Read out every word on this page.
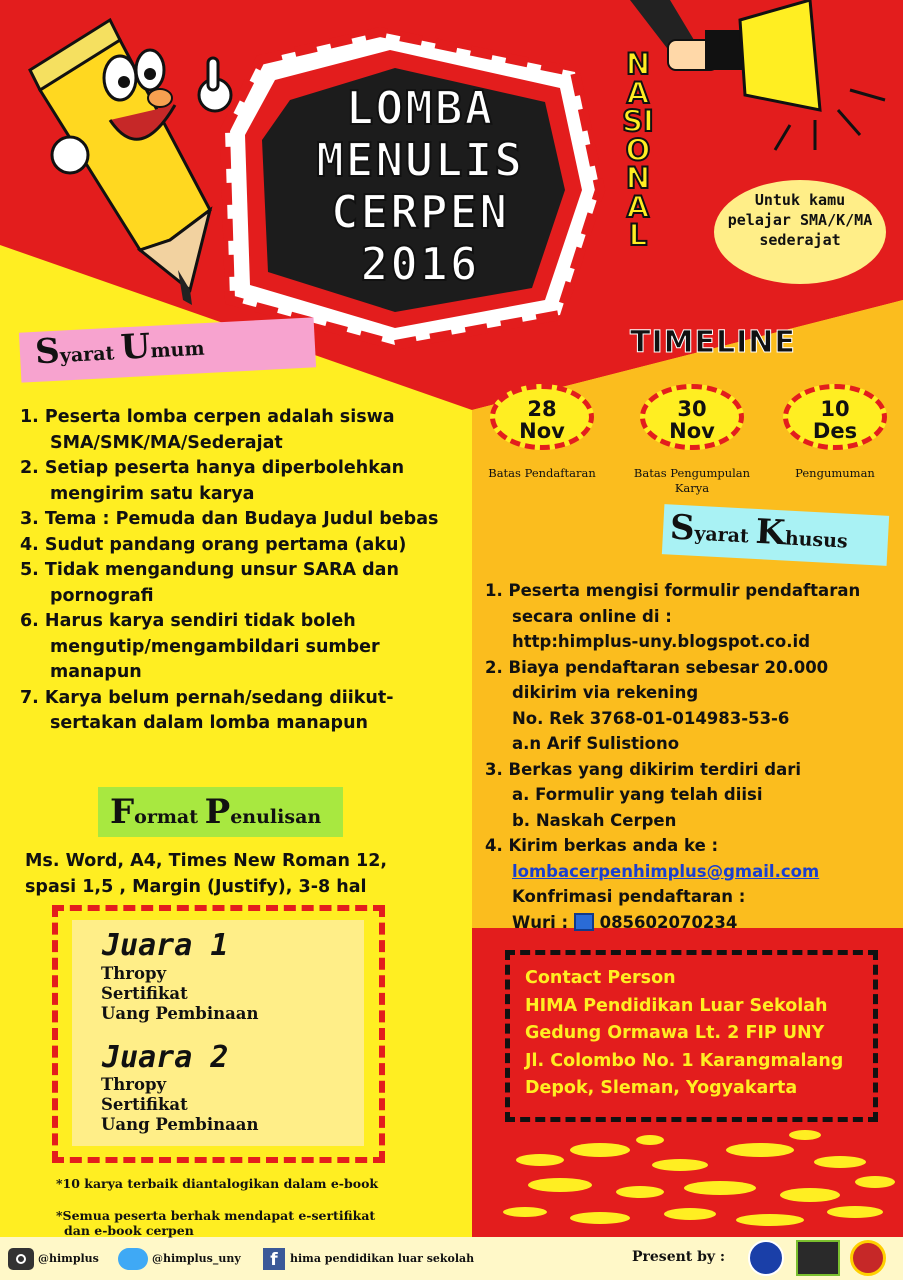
LOMBA
MENULIS
CERPEN
2016
NASIONAL
Untuk kamu
pelajar SMA/K/MA
sederajat
Syarat Umum
1. Peserta lomba cerpen adalah siswa SMA/SMK/MA/Sederajat
2. Setiap peserta hanya diperbolehkan mengirim satu karya
3. Tema : Pemuda dan Budaya Judul bebas
4. Sudut pandang orang pertama (aku)
5. Tidak mengandung unsur SARA dan pornografi
6. Harus karya sendiri tidak boleh mengutip/mengambildari sumber manapun
7. Karya belum pernah/sedang diikut-sertakan dalam lomba manapun
Format Penulisan
Ms. Word, A4, Times New Roman 12,
spasi 1,5 , Margin (Justify), 3-8 hal
Juara 1
Thropy
Sertifikat
Uang Pembinaan
Juara 2
Thropy
Sertifikat
Uang Pembinaan
*10 karya terbaik diantalogikan dalam e-book
*Semua peserta berhak mendapat e-sertifikat dan e-book cerpen
TIMELINE
28
Nov
Batas Pendaftaran
30
Nov
Batas Pengumpulan Karya
10
Des
Pengumuman
Syarat Khusus
1. Peserta mengisi formulir pendaftaran
secara online di :
http:himplus-uny.blogspot.co.id
2. Biaya pendaftaran sebesar 20.000
dikirim via rekening
No. Rek 3768-01-014983-53-6
a.n Arif Sulistiono
3. Berkas yang dikirim terdiri dari
a. Formulir yang telah diisi
b. Naskah Cerpen
4. Kirim berkas anda ke :
lombacerpenhimplus@gmail.com
Konfrimasi pendaftaran :
Wuri : 085602070234
Contact Person
HIMA Pendidikan Luar Sekolah
Gedung Ormawa Lt. 2 FIP UNY
Jl. Colombo No. 1 Karangmalang
Depok, Sleman, Yogyakarta
@himplus	@himplus_uny	f	hima pendidikan luar sekolah	Present by :
